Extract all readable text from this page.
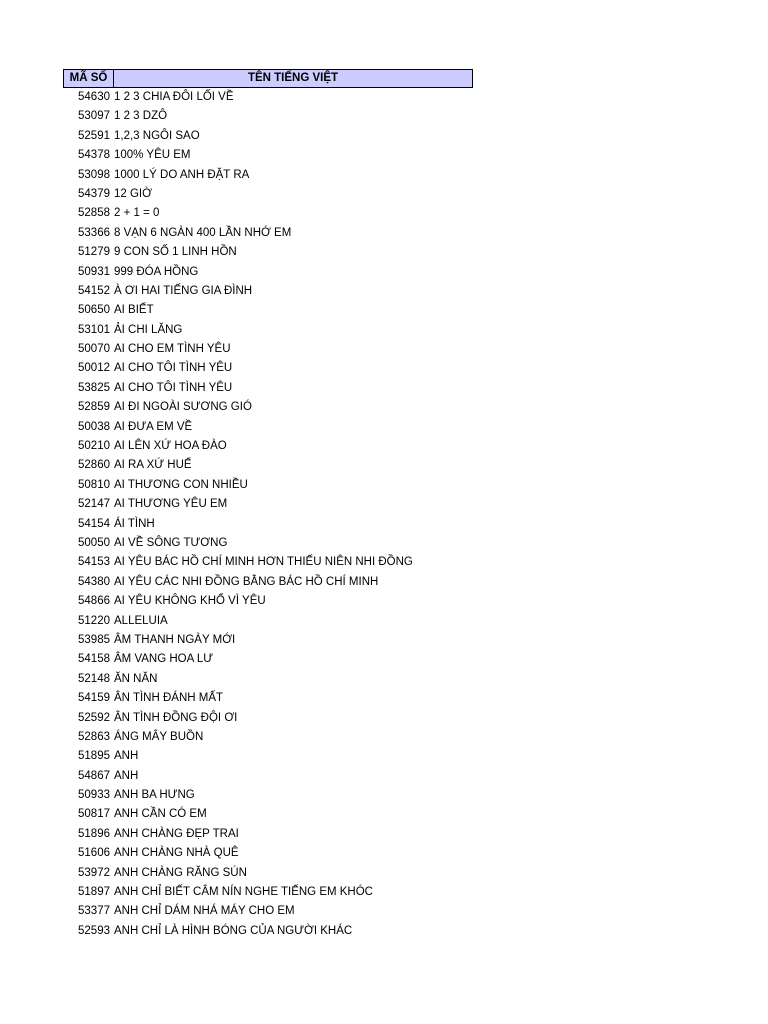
MÃ SỐ	TÊN TIẾNG VIỆT
54630 1 2 3 CHIA ĐÔI LỐI VỀ
53097 1 2 3 DZÔ
52591 1,2,3 NGÔI SAO
54378 100% YÊU EM
53098 1000 LÝ DO ANH ĐẶT RA
54379 12 GIỜ
52858 2 + 1 = 0
53366 8 VẠN 6 NGÀN 400 LẦN NHỚ EM
51279 9 CON SỐ 1 LINH HỒN
50931 999 ĐÓA HỒNG
54152 À ƠI HAI TIẾNG GIA ĐÌNH
50650 AI BIẾT
53101 ẢI CHI LĂNG
50070 AI CHO EM TÌNH YÊU
50012 AI CHO TÔI TÌNH YÊU
53825 AI CHO TÔI TÌNH YÊU
52859 AI ĐI NGOÀI SƯƠNG GIÓ
50038 AI ĐƯA EM VỀ
50210 AI LÊN XỨ HOA ĐÀO
52860 AI RA XỨ HUẾ
50810 AI THƯƠNG CON NHIỀU
52147 AI THƯƠNG YÊU EM
54154 ÁI TÌNH
50050 AI VỀ SÔNG TƯƠNG
54153 AI YÊU BÁC HỒ CHÍ MINH HƠN THIẾU NIÊN NHI ĐỒNG
54380 AI YÊU CÁC NHI ĐỒNG BẰNG BÁC HỒ CHÍ MINH
54866 AI YÊU KHÔNG KHỔ VÌ YÊU
51220 ALLELUIA
53985 ÂM THANH NGÀY MỚI
54158 ÂM VANG HOA LƯ
52148 ĂN NĂN
54159 ÂN TÌNH ĐÁNH MẤT
52592 ÂN TÌNH ĐỒNG ĐỘI ƠI
52863 ÁNG MÂY BUỒN
51895 ANH
54867 ANH
50933 ANH BA HƯNG
50817 ANH CẦN CÓ EM
51896 ANH CHÀNG ĐẸP TRAI
51606 ANH CHÀNG NHÀ QUÊ
53972 ANH CHÀNG RĂNG SÚN
51897 ANH CHỈ BIẾT CÂM NÍN NGHE TIẾNG EM KHÓC
53377 ANH CHỈ DÁM NHÁ MÁY CHO EM
52593 ANH CHỈ LÀ HÌNH BÓNG CỦA NGƯỜI KHÁC
